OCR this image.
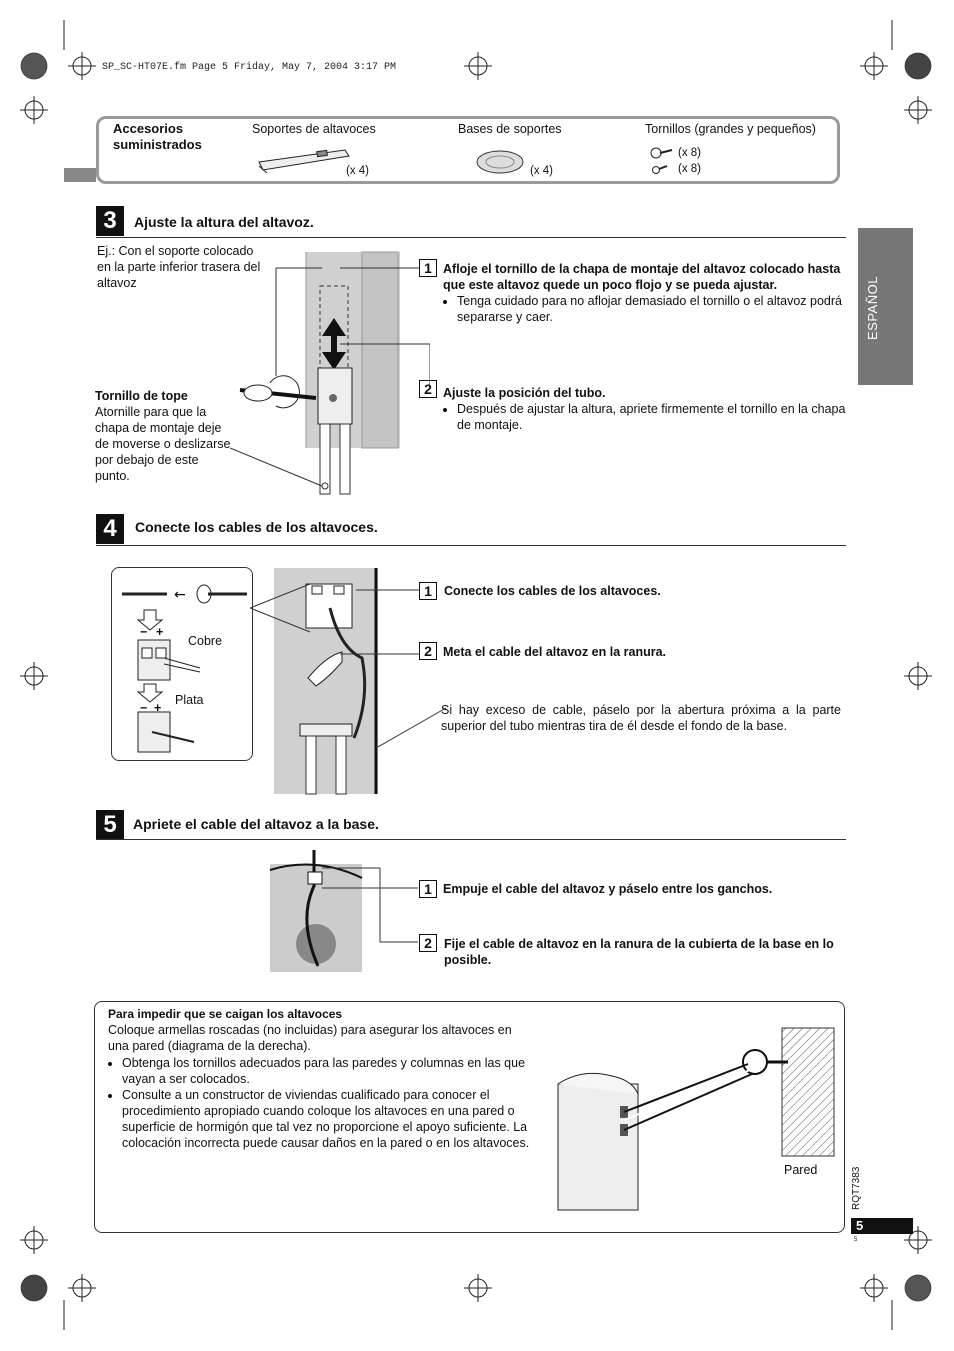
SP_SC-HT07E.fm Page 5 Friday, May 7, 2004 3:17 PM
Accesorios suministrados
Soportes de altavoces
(x 4)
Bases de soportes
(x 4)
Tornillos (grandes y pequeños)
(x 8)
(x 8)
ESPAÑOL
3	Ajuste la altura del altavoz.
Ej.: Con el soporte colocado en la parte inferior trasera del altavoz
Tornillo de tope
Atornille para que la chapa de montaje deje de moverse o deslizarse por debajo de este punto.
1 Afloje el tornillo de la chapa de montaje del altavoz colocado hasta que este altavoz quede un poco flojo y se pueda ajustar.
• Tenga cuidado para no aflojar demasiado el tornillo o el altavoz podrá separarse y caer.
2 Ajuste la posición del tubo.
• Después de ajustar la altura, apriete firmemente el tornillo en la chapa de montaje.
4	Conecte los cables de los altavoces.
←
− +
− +
Cobre
Plata
1 Conecte los cables de los altavoces.
2 Meta el cable del altavoz en la ranura.
Si hay exceso de cable, páselo por la abertura próxima a la parte superior del tubo mientras tira de él desde el fondo de la base.
5	Apriete el cable del altavoz a la base.
1 Empuje el cable del altavoz y páselo entre los ganchos.
2 Fije el cable de altavoz en la ranura de la cubierta de la base en lo posible.
Para impedir que se caigan los altavoces
Coloque armellas roscadas (no incluidas) para asegurar los altavoces en una pared (diagrama de la derecha).
• Obtenga los tornillos adecuados para las paredes y columnas en las que vayan a ser colocados.
• Consulte a un constructor de viviendas cualificado para conocer el procedimiento apropiado cuando coloque los altavoces en una pared o superficie de hormigón que tal vez no proporcione el apoyo suficiente. La colocación incorrecta puede causar daños en la pared o en los altavoces.
Pared	RQT7383
5
5
